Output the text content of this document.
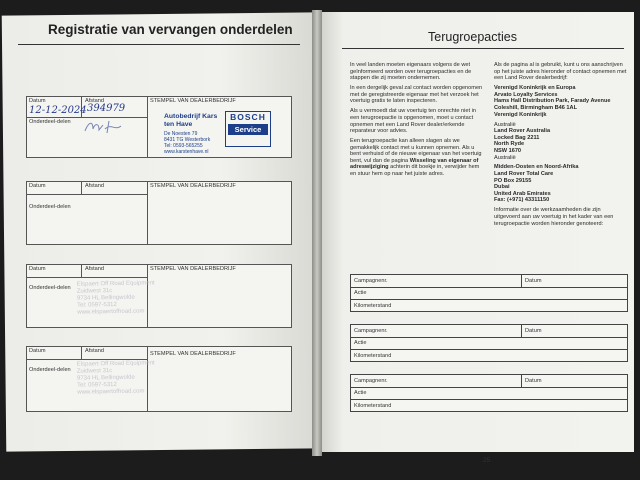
Registratie van vervangen onderdelen
Datum	Afstand
Onderdeel-delen
STEMPEL VAN DEALERBEDRIJF
12-12-2024 394979
Autobedrijf Kars
ten Have
De Noesten 79
8431 TG Westerbork
Tel: 0593-565255
www.karstenhave.nl
BOSCH
Service
Datum	Afstand
Onderdeel-delen
STEMPEL VAN DEALERBEDRIJF
Datum	Afstand
Onderdeel-delen
STEMPEL VAN DEALERBEDRIJF
Elspaert Off Road Equipment
Zuidwest 31c
9734 HL Bellingwolde
Tel: 0597-5312
www.elspaertoffroad.com
Datum	Afstand
Onderdeel-delen
STEMPEL VAN DEALERBEDRIJF
Elspaert Off Road Equipment
Zuidwest 31c
9734 HL Bellingwolde
Tel: 0597-5312
www.elspaertoffroad.com
Terugroepacties

In veel landen moeten eigenaars volgens de wet geïnformeerd worden over terugroepacties en de stappen die zij moeten ondernemen.

In een dergelijk geval zal contact worden opgenomen met de geregistreerde eigenaar met het verzoek het voertuig gratis te laten inspecteren.

Als u vermoedt dat uw voertuig ten onrechte niet in een terugroepactie is opgenomen, moet u contact opnemen met een Land Rover dealer/erkende reparateur voor advies.

Een terugroepactie kan alleen slagen als we gemakkelijk contact met u kunnen opnemen. Als u bent verhuisd of de nieuwe eigenaar van het voertuig bent, vul dan de pagina Wisseling van eigenaar of adreswijziging achterin dit boekje in, verwijder hem en stuur hem op naar het juiste adres.

Als de pagina al is gebruikt, kunt u ons aanschrijven op het juiste adres hieronder of contact opnemen met een Land Rover dealerbedrijf:

Verenigd Koninkrijk en Europa
Arvato Loyalty Services
Hams Hall Distribution Park, Farady Avenue
Coleshill, Birmingham B46 1AL
Verenigd Koninkrijk
Australië
Land Rover Australia
Locked Bag 2211
North Ryde
NSW 1670
Australië
Midden-Oosten en Noord-Afrika
Land Rover Total Care
PO Box 29155
Dubai
United Arab Emirates
Fax: (+971) 43311150

Informatie over de werkzaamheden die zijn uitgevoerd aan uw voertuig in het kader van een terugroepactie worden hieronder genoteerd:

Campagnenr.	Datum
Actie
Kilometerstand
Campagnenr.	Datum
Actie
Kilometerstand
Campagnenr.	Datum
Actie
Kilometerstand
25
